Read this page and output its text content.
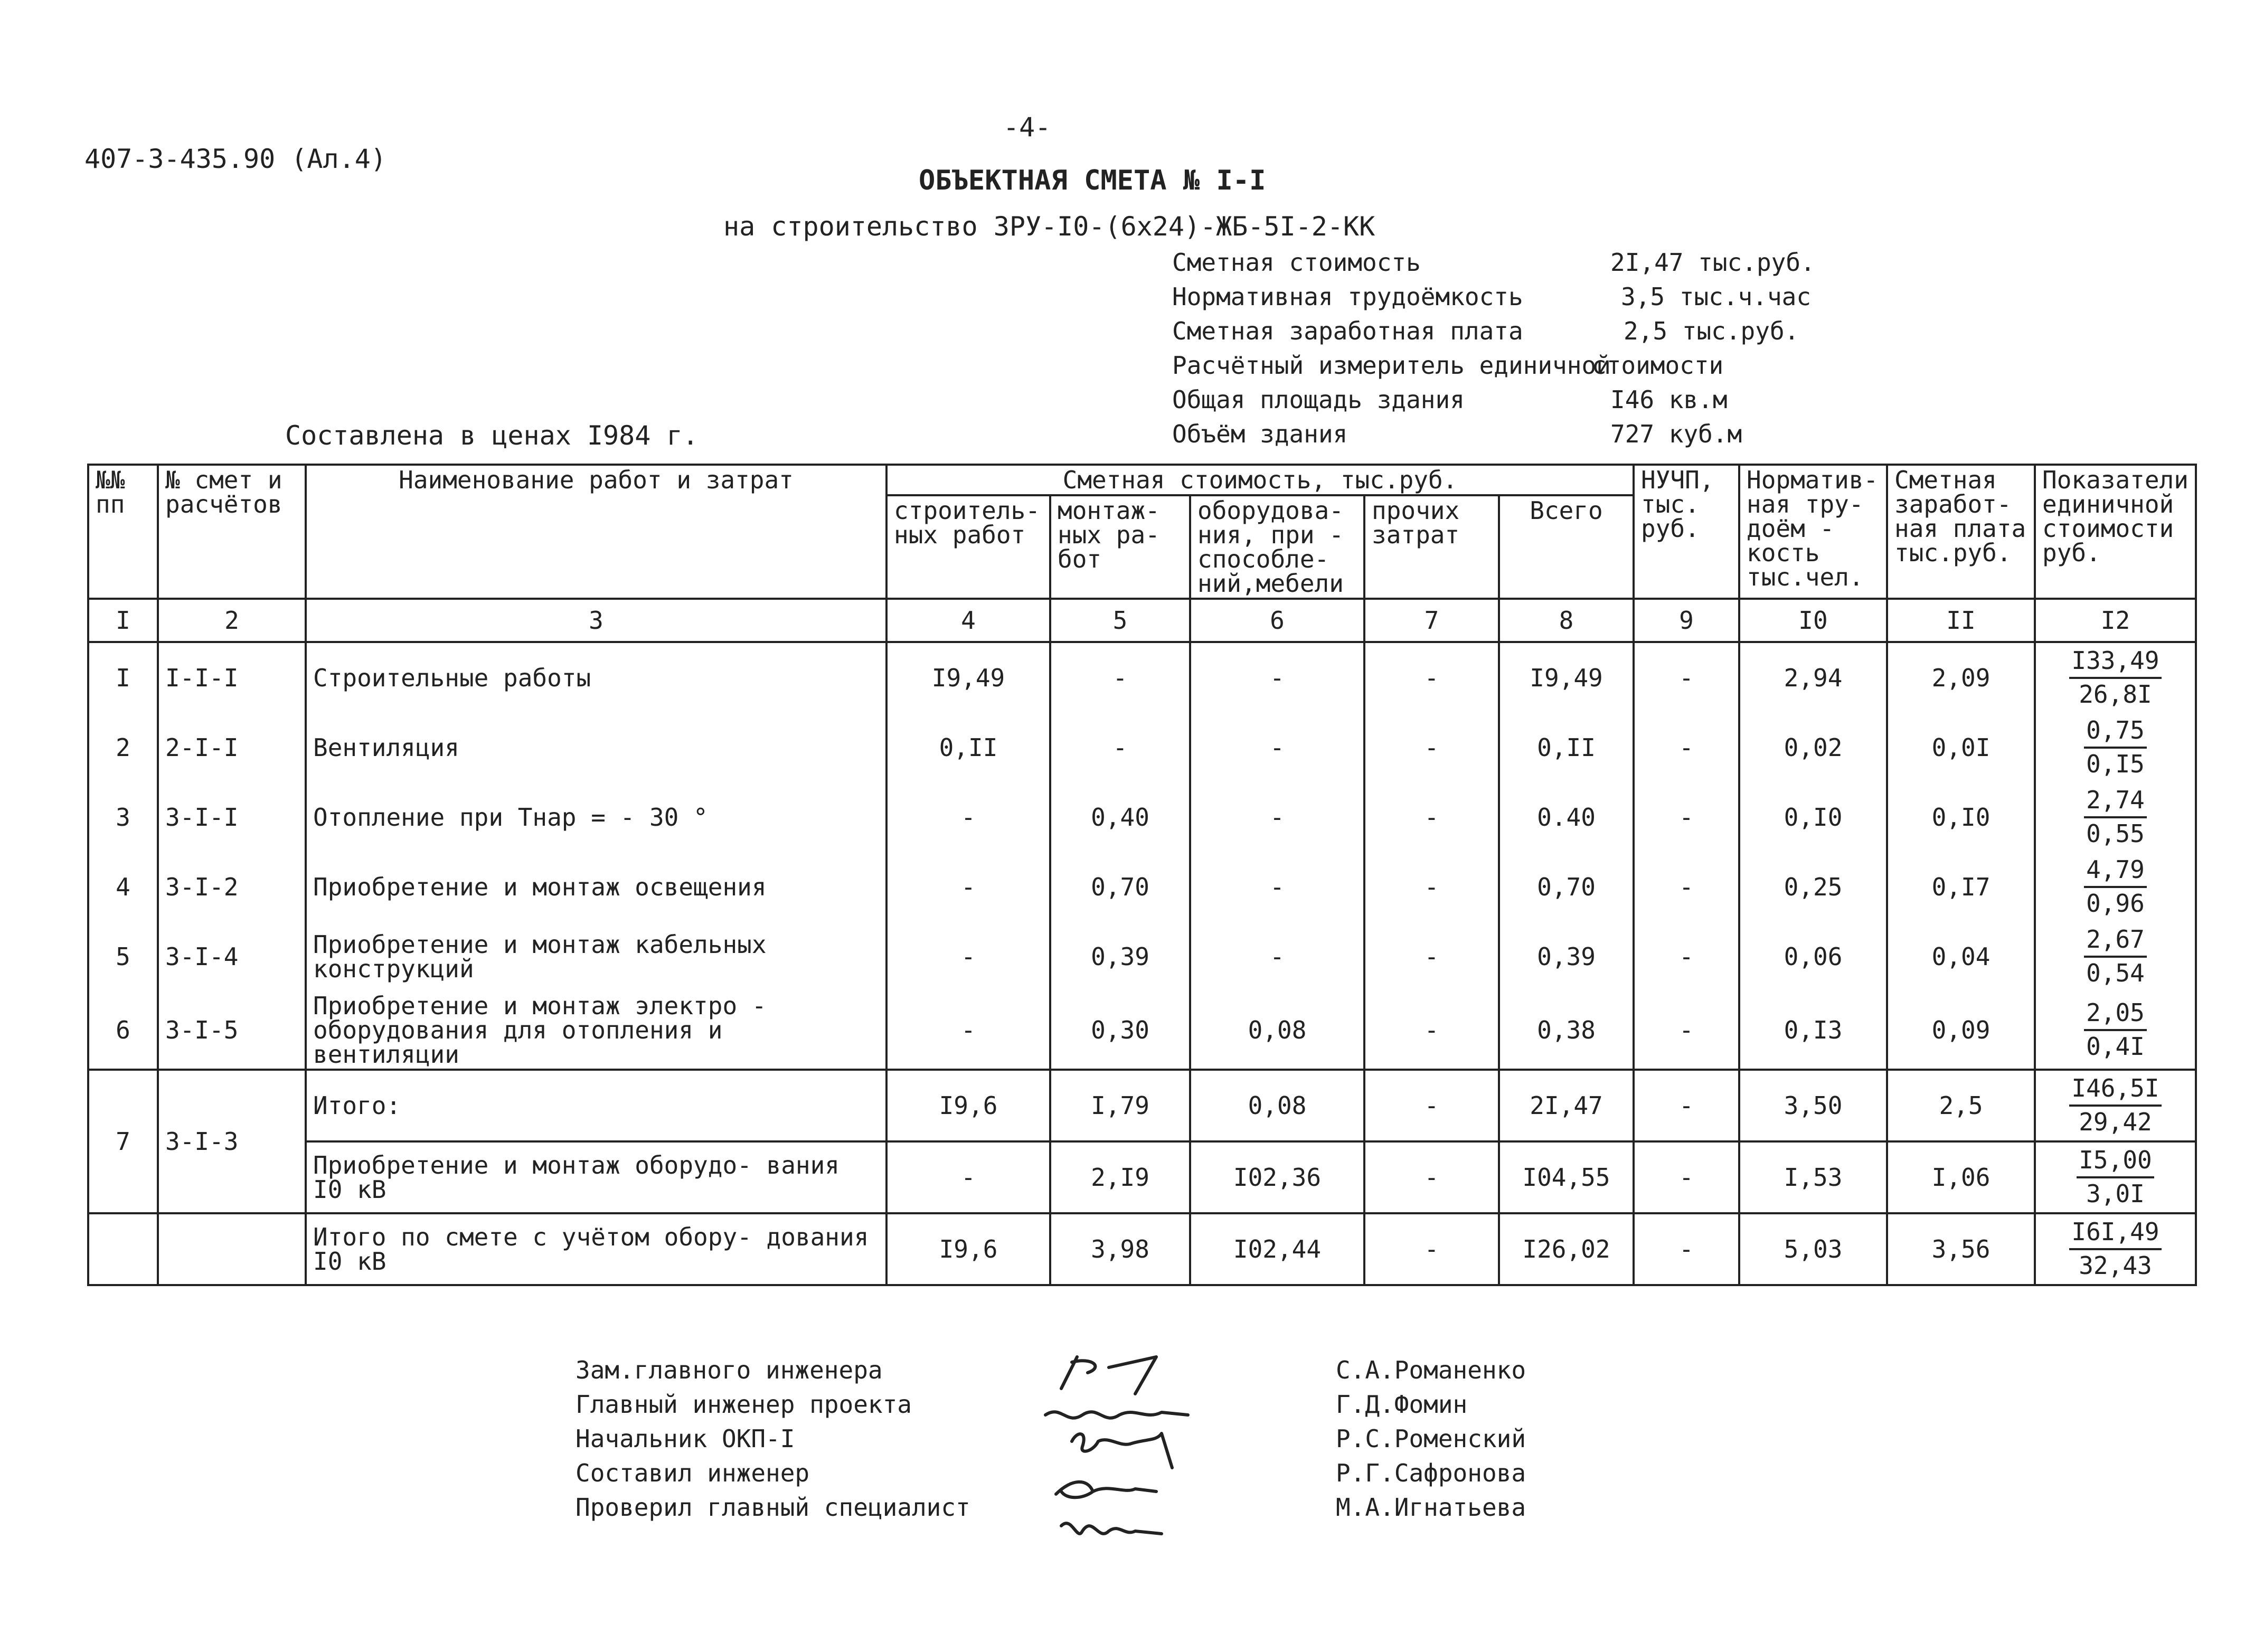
407-3-435.90 (Ал.4)
-4-
ОБЪЕКТНАЯ СМЕТА № I-I
на строительство ЗРУ-I0-(6х24)-ЖБ-5I-2-КК
Сметная стоимость	2I,47 тыс.руб.
Нормативная трудоёмкость	3,5 тыс.ч.час
Сметная заработная плата	2,5 тыс.руб.
Расчётный измеритель единичной
стоимости
Общая площадь здания	I46 кв.м
Объём здания	727 куб.м
Составлена в ценах I984 г.
№№ пп	№ смет и расчётов	Наименование работ и затрат	Сметная стоимость, тыс.руб.					НУЧП, тыс. руб.	Норматив- ная тру- доём - кость тыс.чел.	Сметная заработ- ная плата тыс.руб.	Показатели единичной стоимости руб.
			строитель- ных работ	монтаж- ных ра- бот	оборудова- ния, при - способле- ний,мебели	прочих затрат	Всего				
I	2	3	4	5	6	7	8	9	I0	II	I2
I	I-I-I	Строительные работы	I9,49	-	-	-	I9,49	-	2,94	2,09	$\frac{I33,49}{26,8I}$

2	2-I-I	Вентиляция	0,II	-	-	-	0,II	-	0,02	0,0I	$\frac{0,75}{0,I5}$

3	3-I-I	Отопление при Тнар = - 30 °	-	0,40	-	-	0.40	-	0,I0	0,I0	$\frac{2,74}{0,55}$

4	3-I-2	Приобретение и монтаж освещения	-	0,70	-	-	0,70	-	0,25	0,I7	$\frac{4,79}{0,96}$

5	3-I-4	Приобретение и монтаж кабельных конструкций	-	0,39	-	-	0,39	-	0,06	0,04	$\frac{2,67}{0,54}$

6	3-I-5	Приобретение и монтаж электро - оборудования для отопления и вентиляции	-	0,30	0,08	-	0,38	-	0,I3	0,09	$\frac{2,05}{0,4I}$

7	3-I-3	Итого:	I9,6	I,79	0,08	-	2I,47	-	3,50	2,5	$\frac{I46,5I}{29,42}$

		Приобретение и монтаж оборудо- вания I0 кВ	-	2,I9	I02,36	-	I04,55	-	I,53	I,06	$\frac{I5,00}{3,0I}$

		Итого по смете с учётом обору- дования I0 кВ	I9,6	3,98	I02,44	-	I26,02	-	5,03	3,56	$\frac{I6I,49}{32,43}$
Зам.главного инженера	С.А.Романенко
Главный инженер проекта	Г.Д.Фомин
Начальник ОКП-I	Р.С.Роменский
Составил инженер	Р.Г.Сафронова
Проверил главный специалист	М.А.Игнатьева
